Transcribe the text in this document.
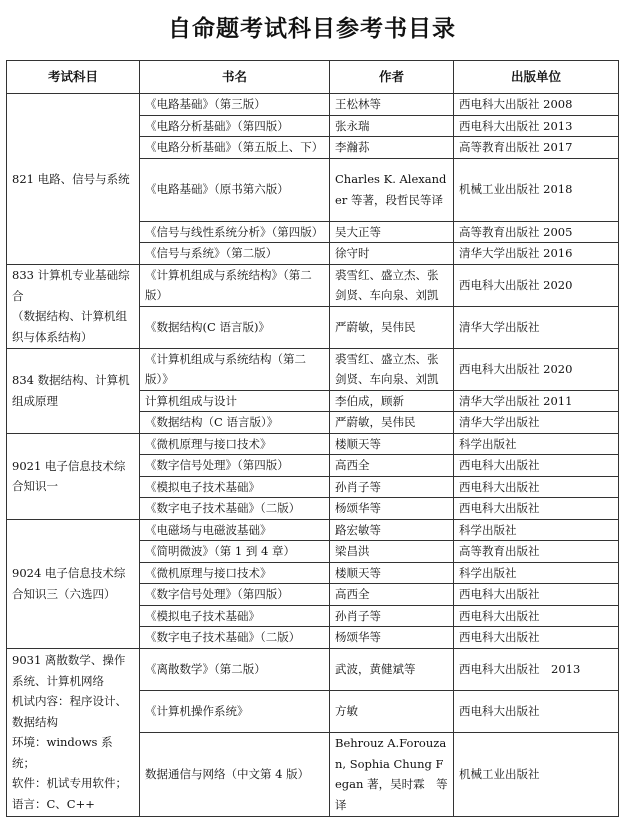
自命题考试科目参考书目录
考试科目	书名	作者	出版单位

821 电路、信号与系统	《电路基础》（第三版）	王松林等	西电科大出版社 2008
	《电路分析基础》（第四版）	张永瑞	西电科大出版社 2013
	《电路分析基础》（第五版上、下）	李瀚荪	高等教育出版社 2017
	《电路基础》（原书第六版）	Charles K. Alexander 等著，段哲民等译	机械工业出版社 2018
	《信号与线性系统分析》（第四版）	吴大正等	高等教育出版社 2005
	《信号与系统》（第二版）	徐守时	清华大学出版社 2016

833 计算机专业基础综合
（数据结构、计算机组织与体系结构）	《计算机组成与系统结构》（第二版）	裘雪红、盛立杰、张剑贤、车向泉、刘凯	西电科大出版社 2020
	《数据结构(C 语言版)》	严蔚敏，吴伟民	清华大学出版社

834 数据结构、计算机组成原理	《计算机组成与系统结构（第二版）》	裘雪红、盛立杰、张剑贤、车向泉、刘凯	西电科大出版社 2020
	计算机组成与设计	李伯成，顾新	清华大学出版社 2011
	《数据结构（C 语言版）》	严蔚敏，吴伟民	清华大学出版社

9021 电子信息技术综合知识一	《微机原理与接口技术》	楼顺天等	科学出版社
	《数字信号处理》（第四版）	高西全	西电科大出版社
	《模拟电子技术基础》	孙肖子等	西电科大出版社
	《数字电子技术基础》（二版）	杨颂华等	西电科大出版社

9024 电子信息技术综合知识三（六选四）	《电磁场与电磁波基础》	路宏敏等	科学出版社
	《简明微波》（第 1 到 4 章）	梁昌洪	高等教育出版社
	《微机原理与接口技术》	楼顺天等	科学出版社
	《数字信号处理》（第四版）	高西全	西电科大出版社
	《模拟电子技术基础》	孙肖子等	西电科大出版社
	《数字电子技术基础》（二版）	杨颂华等	西电科大出版社

9031 离散数学、操作系统、计算机网络
机试内容：程序设计、数据结构
环境：windows 系统；
软件：机试专用软件；
语言：C、C++	《离散数学》（第二版）	武波，黄健斌等	西电科大出版社　2013
	《计算机操作系统》	方敏	西电科大出版社
	数据通信与网络（中文第 4 版）	Behrouz A.Forouzan, Sophia Chung Fegan 著，吴时霖　等译	机械工业出版社
